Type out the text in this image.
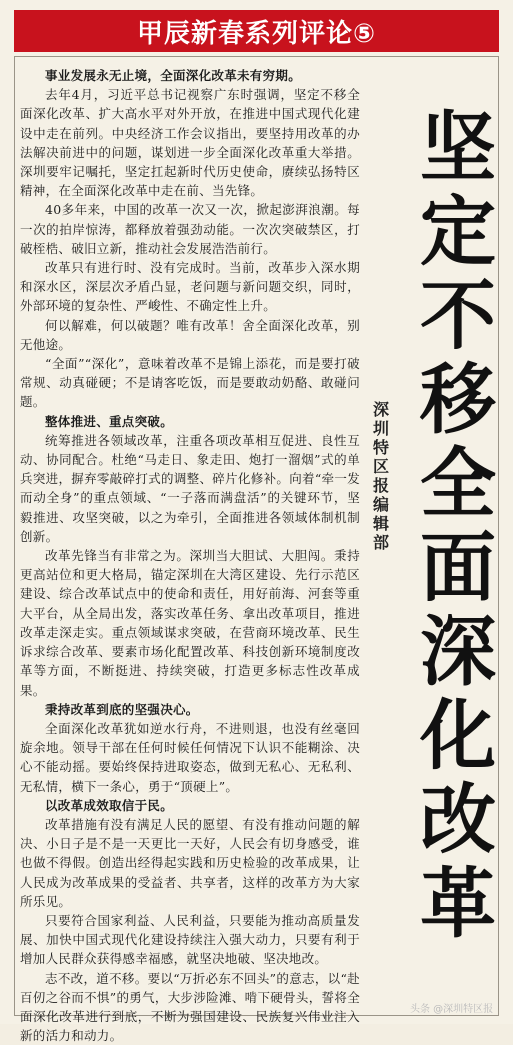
甲辰新春系列评论⑤

事业发展永无止境，全面深化改革未有穷期。

去年4月，习近平总书记视察广东时强调，坚定不移全面深化改革、扩大高水平对外开放，在推进中国式现代化建设中走在前列。中央经济工作会议指出，要坚持用改革的办法解决前进中的问题，谋划进一步全面深化改革重大举措。深圳要牢记嘱托，坚定扛起新时代历史使命，赓续弘扬特区精神，在全面深化改革中走在前、当先锋。

40多年来，中国的改革一次又一次，掀起澎湃浪潮。每一次的拍岸惊涛，都释放着强劲动能。一次次突破禁区，打破桎梏、破旧立新，推动社会发展浩浩前行。

改革只有进行时、没有完成时。当前，改革步入深水期和深水区，深层次矛盾凸显，老问题与新问题交织，同时，外部环境的复杂性、严峻性、不确定性上升。

何以解难，何以破题？唯有改革！舍全面深化改革，别无他途。

“全面”“深化”，意味着改革不是锦上添花，而是要打破常规、动真碰硬；不是请客吃饭，而是要敢动奶酪、敢碰问题。

整体推进、重点突破。

统筹推进各领域改革，注重各项改革相互促进、良性互动、协同配合。杜绝“马走日、象走田、炮打一溜烟”式的单兵突进，摒弃零敲碎打式的调整、碎片化修补。向着“牵一发而动全身”的重点领域、“一子落而满盘活”的关键环节，坚毅推进、攻坚突破，以之为牵引，全面推进各领域体制机制创新。

改革先锋当有非常之为。深圳当大胆试、大胆闯。秉持更高站位和更大格局，锚定深圳在大湾区建设、先行示范区建设、综合改革试点中的使命和责任，用好前海、河套等重大平台，从全局出发，落实改革任务、拿出改革项目，推进改革走深走实。重点领域谋求突破，在营商环境改革、民生诉求综合改革、要素市场化配置改革、科技创新环境制度改革等方面，不断挺进、持续突破，打造更多标志性改革成果。

秉持改革到底的坚强决心。

全面深化改革犹如逆水行舟，不进则退，也没有丝毫回旋余地。领导干部在任何时候任何情况下认识不能糊涂、决心不能动摇。要始终保持进取姿态，做到无私心、无私利、无私情，横下一条心，勇于“顶硬上”。

以改革成效取信于民。

改革措施有没有满足人民的愿望、有没有推动问题的解决、小日子是不是一天更比一天好，人民会有切身感受，谁也做不得假。创造出经得起实践和历史检验的改革成果，让人民成为改革成果的受益者、共享者，这样的改革方为大家所乐见。

只要符合国家利益、人民利益，只要能为推动高质量发展、加快中国式现代化建设持续注入强大动力，只要有利于增加人民群众获得感幸福感，就坚决地破、坚决地改。

志不改，道不移。要以“万折必东不回头”的意志，以“赴百仞之谷而不惧”的勇气，大步涉险滩、啃下硬骨头，誓将全面深化改革进行到底，不断为强国建设、民族复兴伟业注入新的活力和动力。

深
圳
特
区
报
编
辑
部
坚
定
不
移
全
面
深
化
改
革
头条 @深圳特区报
